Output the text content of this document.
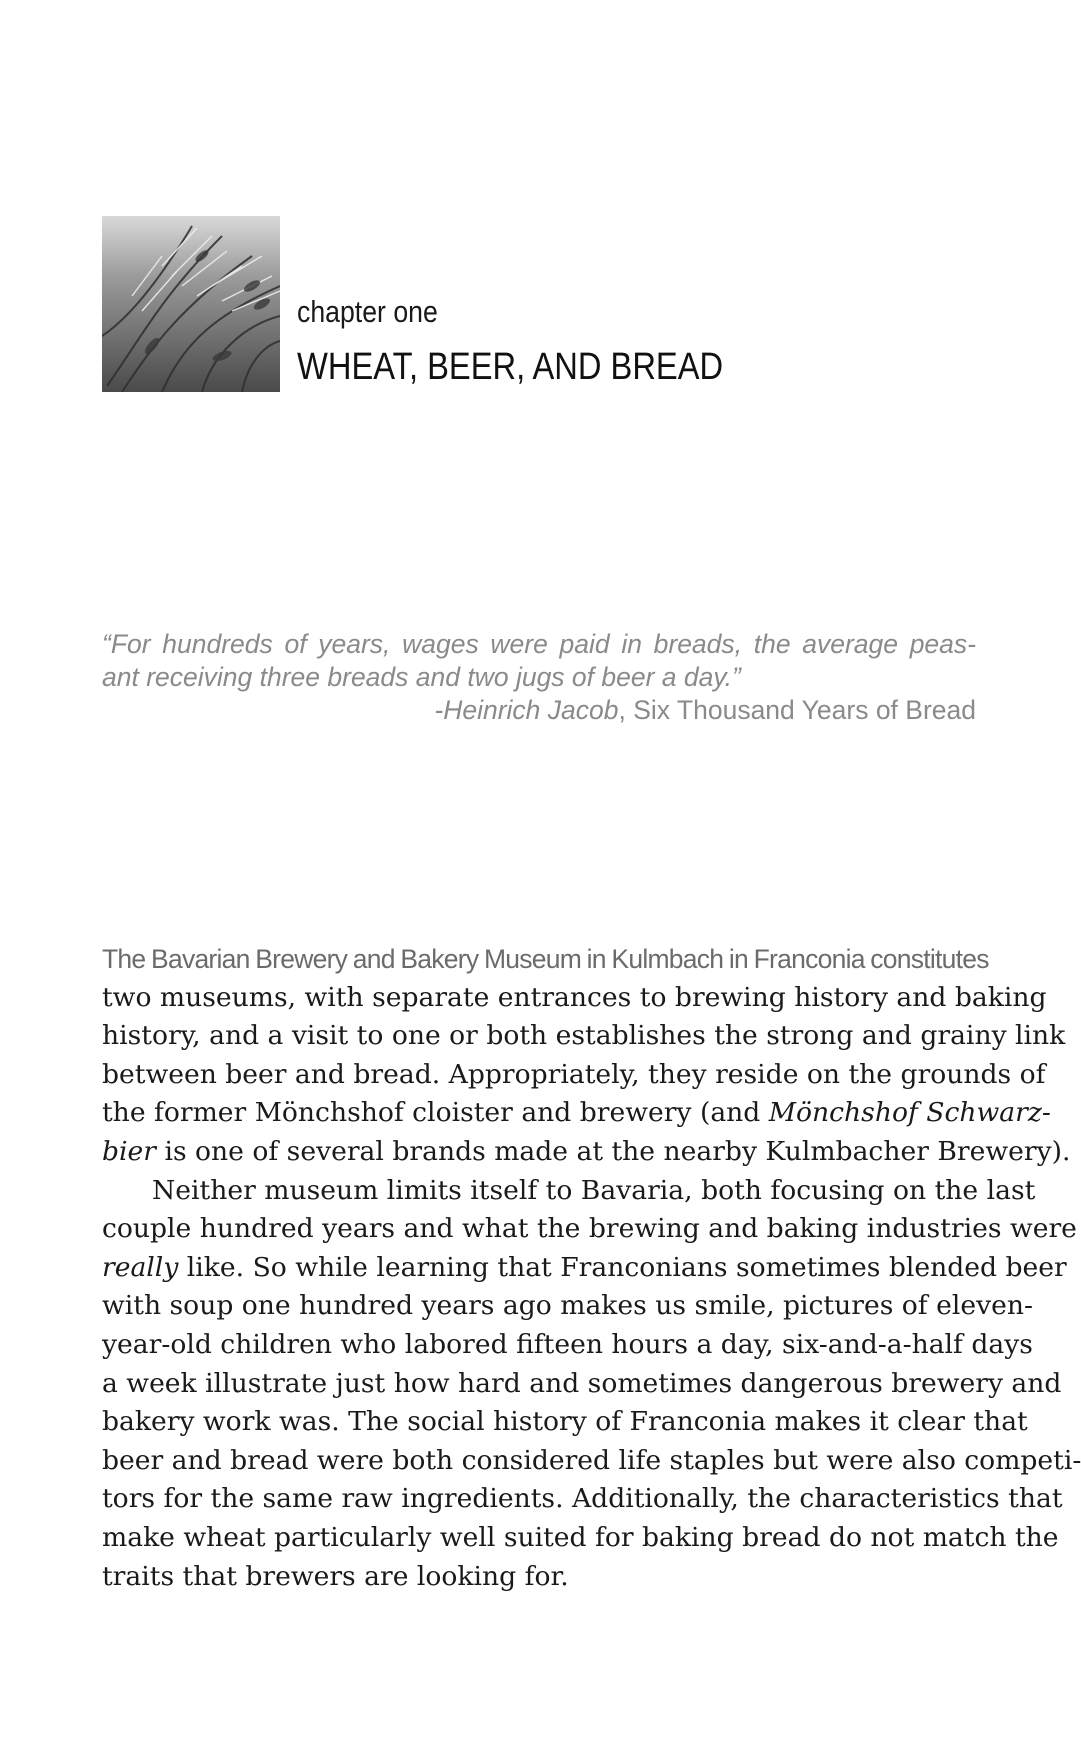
chapter one
WHEAT, BEER, AND BREAD
“For hundreds of years, wages were paid in breads, the average peas-
ant receiving three breads and two jugs of beer a day.”
-Heinrich Jacob, Six Thousand Years of Bread
The Bavarian Brewery and Bakery Museum in Kulmbach in Franconia constitutes
two museums, with separate entrances to brewing history and baking
history, and a visit to one or both establishes the strong and grainy link
between beer and bread. Appropriately, they reside on the grounds of
the former Mönchshof cloister and brewery (and Mönchshof Schwarz-
bier is one of several brands made at the nearby Kulmbacher Brewery).
Neither museum limits itself to Bavaria, both focusing on the last
couple hundred years and what the brewing and baking industries were
really like. So while learning that Franconians sometimes blended beer
with soup one hundred years ago makes us smile, pictures of eleven-
year-old children who labored fifteen hours a day, six-and-a-half days
a week illustrate just how hard and sometimes dangerous brewery and
bakery work was. The social history of Franconia makes it clear that
beer and bread were both considered life staples but were also competi-
tors for the same raw ingredients. Additionally, the characteristics that
make wheat particularly well suited for baking bread do not match the
traits that brewers are looking for.
